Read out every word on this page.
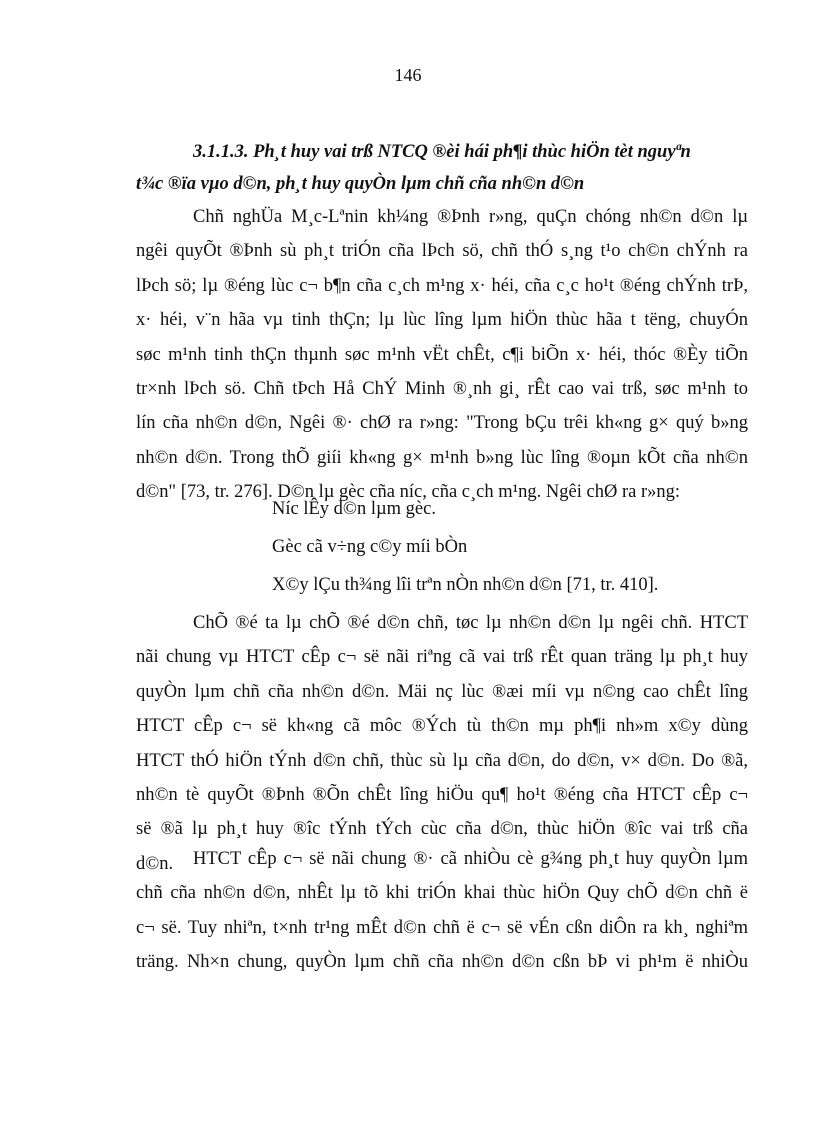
146
3.1.1.3. Ph¸t huy vai trß NTCQ ®èi hái ph¶i thùc hiÖn tèt nguyªn
t¾c ®ïa vµo d©n, ph¸t huy quyÒn lµm chñ cña nh©n d©n
Chñ nghÜa M¸c-Lªnin kh¼ng ®Þnh r»ng, quÇn chóng nh©n d©n lµ
ngêi quyÕt ®Þnh sù ph¸t triÓn cña lÞch sö, chñ thÓ s¸ng t¹o ch©n chÝnh ra
lÞch sö; lµ ®éng lùc c¬ b¶n cña c¸ch m¹ng x· héi, cña c¸c ho¹t ®éng chÝnh trÞ,
x· héi, v¨n hãa vµ tinh thÇn; lµ lùc lîng lµm hiÖn thùc hãa t tëng, chuyÓn
søc m¹nh tinh thÇn thµnh søc m¹nh vËt chÊt, c¶i biÕn x· héi, thóc ®Èy tiÕn
tr×nh lÞch sö. Chñ tÞch Hå ChÝ Minh ®¸nh gi¸ rÊt cao vai trß, søc m¹nh to
lín cña nh©n d©n, Ngêi ®· chØ ra r»ng: "Trong bÇu trêi kh«ng g× quý b»ng
nh©n d©n. Trong thÕ giíi kh«ng g× m¹nh b»ng lùc lîng ®oµn kÕt cña nh©n
d©n" [73, tr. 276]. D©n lµ gèc cña níc, cña c¸ch m¹ng. Ngêi chØ ra r»ng:
Níc lÊy d©n lµm gèc.
Gèc cã v÷ng c©y míi bÒn
X©y lÇu th¾ng lîi trªn nÒn nh©n d©n [71, tr. 410].
ChÕ ®é ta lµ chÕ ®é d©n chñ, tøc lµ nh©n d©n lµ ngêi chñ. HTCT
nãi chung vµ HTCT cÊp c¬ së nãi riªng cã vai trß rÊt quan träng lµ ph¸t huy
quyÒn lµm chñ cña nh©n d©n. Mäi nç lùc ®æi míi vµ n©ng cao chÊt lîng
HTCT cÊp c¬ së kh«ng cã môc ®Ých tù th©n mµ ph¶i nh»m x©y dùng
HTCT thÓ hiÖn tÝnh d©n chñ, thùc sù lµ cña d©n, do d©n, v× d©n. Do ®ã,
nh©n tè quyÕt ®Þnh ®Õn chÊt lîng hiÖu qu¶ ho¹t ®éng cña HTCT cÊp c¬
së ®ã lµ ph¸t huy ®îc tÝnh tÝch cùc cña d©n, thùc hiÖn ®îc vai trß cña
d©n.	HTCT cÊp c¬ së nãi chung ®· cã nhiÒu cè g¾ng ph¸t huy quyÒn lµm
chñ cña nh©n d©n, nhÊt lµ tõ khi triÓn khai thùc hiÖn Quy chÕ d©n chñ ë
c¬ së. Tuy nhiªn, t×nh tr¹ng mÊt d©n chñ ë c¬ së vÉn cßn diÔn ra kh¸ nghiªm
träng. Nh×n chung, quyÒn lµm chñ cña nh©n d©n cßn bÞ vi ph¹m ë nhiÒu
